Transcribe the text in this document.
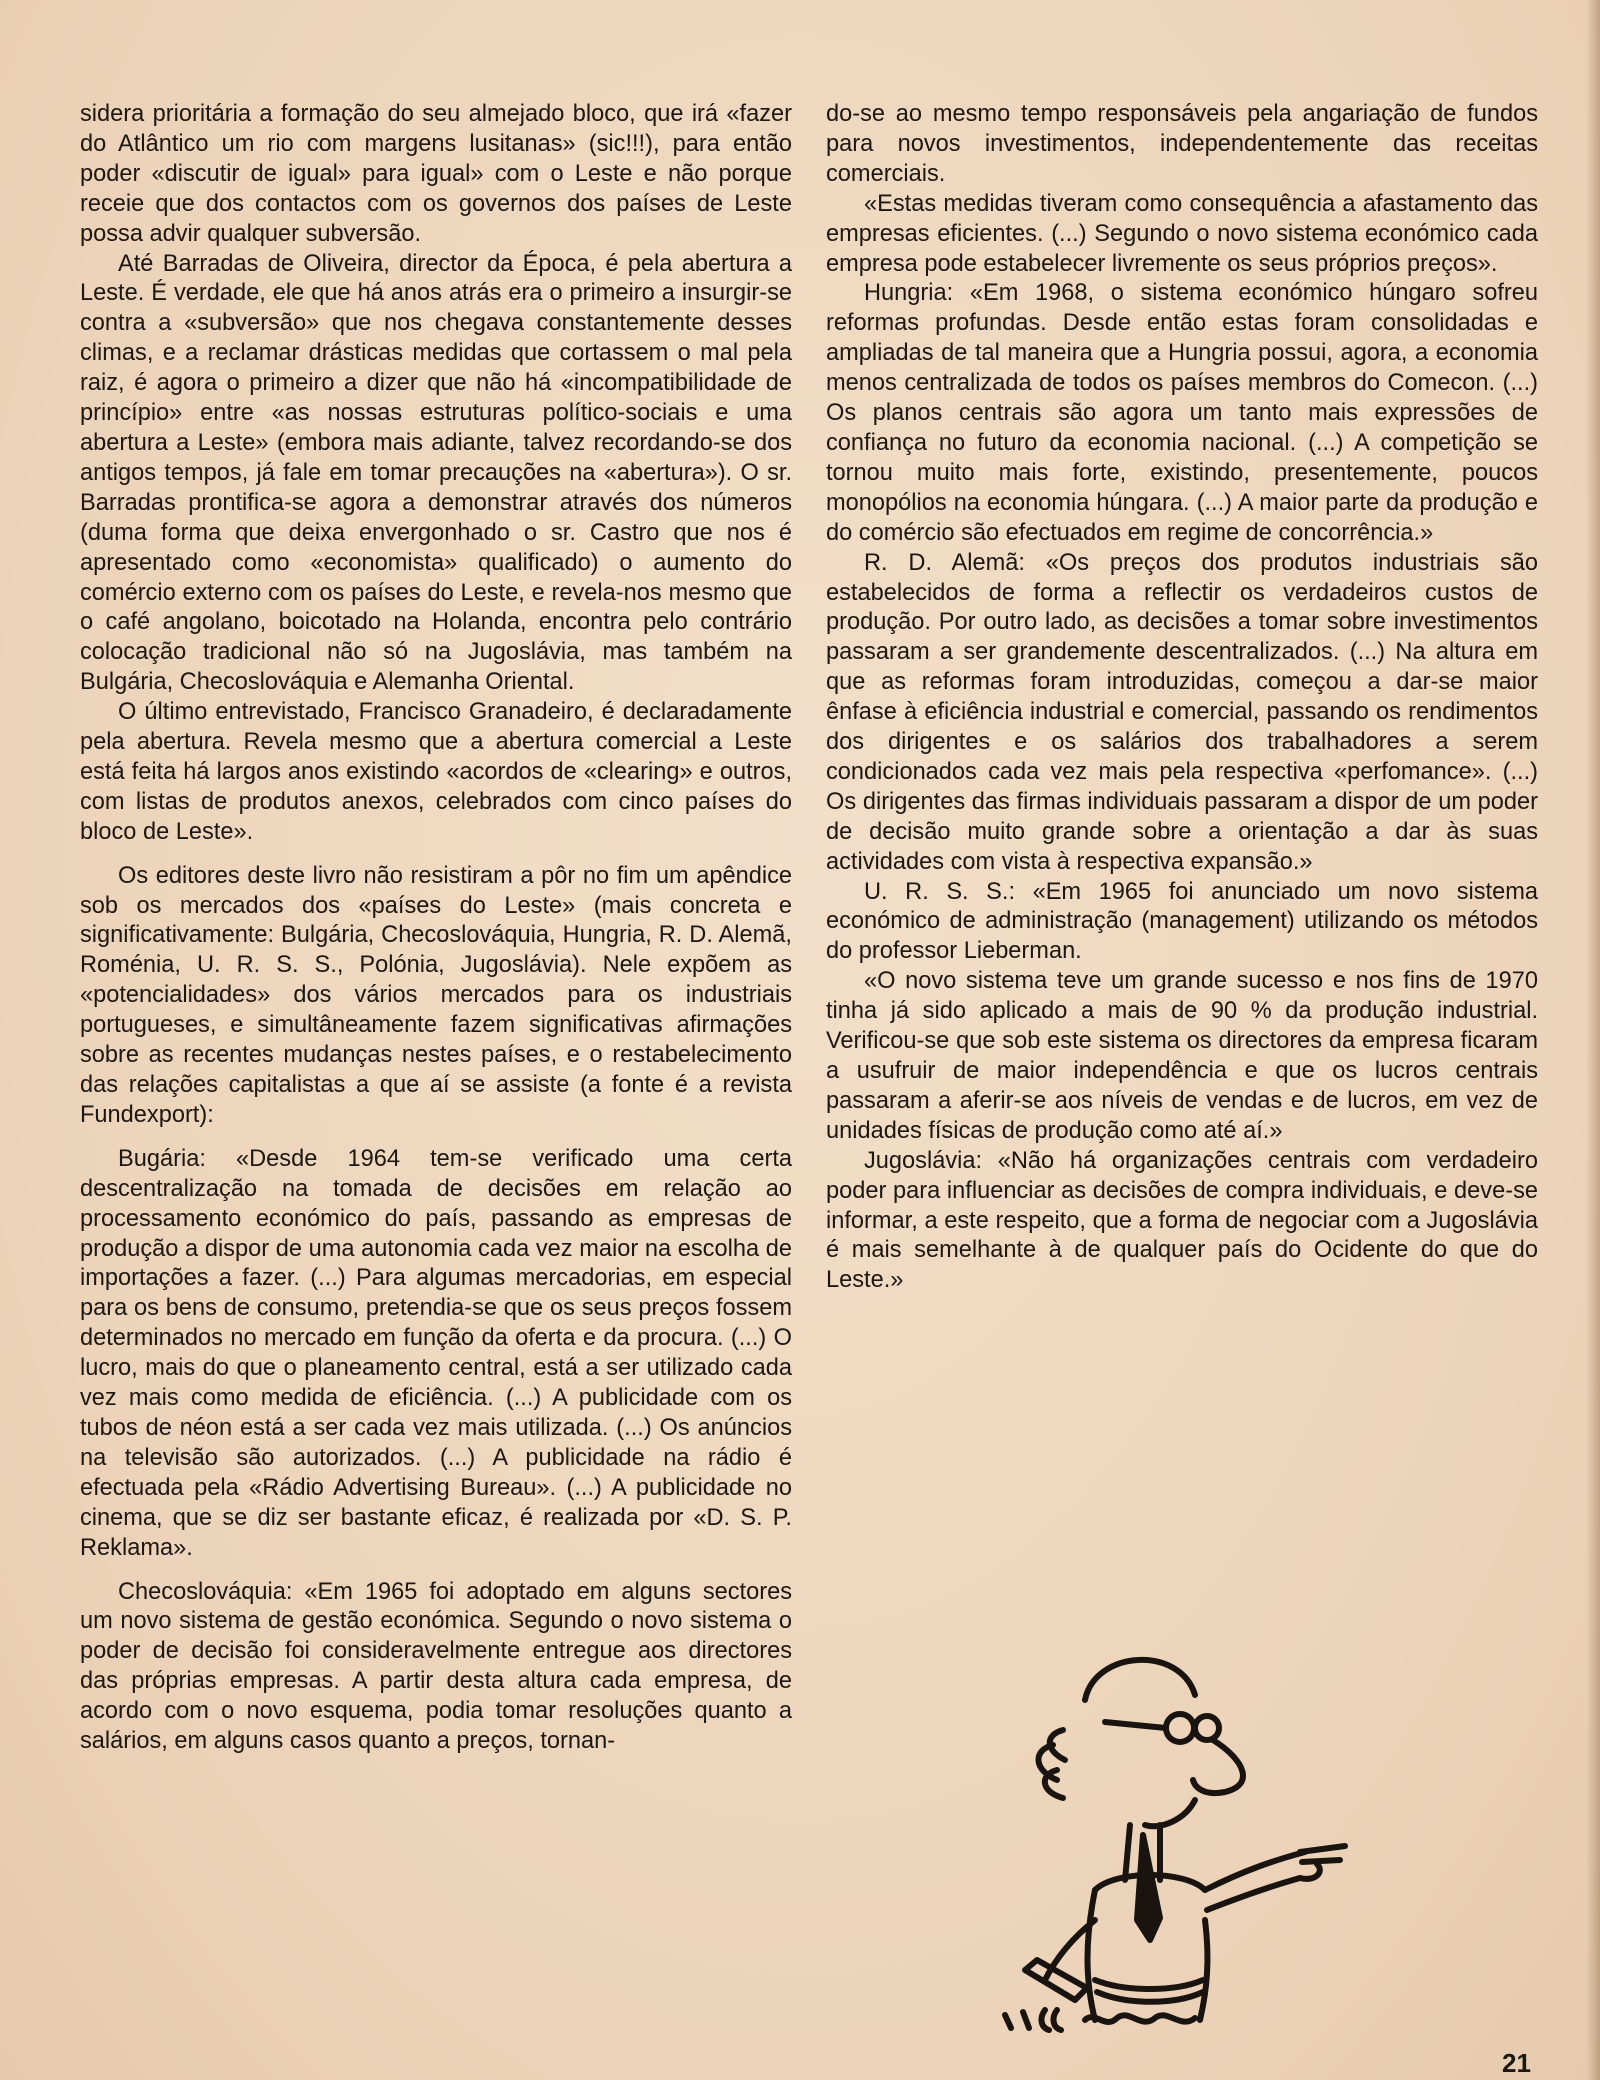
sidera prioritária a formação do seu almejado bloco, que irá «fazer do Atlântico um rio com margens lusitanas» (sic!!!), para então poder «discutir de igual» para igual» com o Leste e não porque receie que dos contactos com os governos dos países de Leste possa advir qualquer subversão.

Até Barradas de Oliveira, director da Época, é pela abertura a Leste. É verdade, ele que há anos atrás era o primeiro a insurgir-se contra a «subversão» que nos chegava constantemente desses climas, e a reclamar drásticas medidas que cortassem o mal pela raiz, é agora o primeiro a dizer que não há «incompatibilidade de princípio» entre «as nossas estruturas político-sociais e uma abertura a Leste» (embora mais adiante, talvez recordando-se dos antigos tempos, já fale em tomar precauções na «abertura»). O sr. Barradas prontifica-se agora a demonstrar através dos números (duma forma que deixa envergonhado o sr. Castro que nos é apresentado como «economista» qualificado) o aumento do comércio externo com os países do Leste, e revela-nos mesmo que o café angolano, boicotado na Holanda, encontra pelo contrário colocação tradicional não só na Jugoslávia, mas também na Bulgária, Checoslováquia e Alemanha Oriental.

O último entrevistado, Francisco Granadeiro, é declaradamente pela abertura. Revela mesmo que a abertura comercial a Leste está feita há largos anos existindo «acordos de «clearing» e outros, com listas de produtos anexos, celebrados com cinco países do bloco de Leste».

Os editores deste livro não resistiram a pôr no fim um apêndice sob os mercados dos «países do Leste» (mais concreta e significativamente: Bulgária, Checoslováquia, Hungria, R. D. Alemã, Roménia, U. R. S. S., Polónia, Jugoslávia). Nele expõem as «potencialidades» dos vários mercados para os industriais portugueses, e simultâneamente fazem significativas afirmações sobre as recentes mudanças nestes países, e o restabelecimento das relações capitalistas a que aí se assiste (a fonte é a revista Fundexport):

Bugária: «Desde 1964 tem-se verificado uma certa descentralização na tomada de decisões em relação ao processamento económico do país, passando as empresas de produção a dispor de uma autonomia cada vez maior na escolha de importações a fazer. (...) Para algumas mercadorias, em especial para os bens de consumo, pretendia-se que os seus preços fossem determinados no mercado em função da oferta e da procura. (...) O lucro, mais do que o planeamento central, está a ser utilizado cada vez mais como medida de eficiência. (...) A publicidade com os tubos de néon está a ser cada vez mais utilizada. (...) Os anúncios na televisão são autorizados. (...) A publicidade na rádio é efectuada pela «Rádio Advertising Bureau». (...) A publicidade no cinema, que se diz ser bastante eficaz, é realizada por «D. S. P. Reklama».

Checoslováquia: «Em 1965 foi adoptado em alguns sectores um novo sistema de gestão económica. Segundo o novo sistema o poder de decisão foi consideravelmente entregue aos directores das próprias empresas. A partir desta altura cada empresa, de acordo com o novo esquema, podia tomar resoluções quanto a salários, em alguns casos quanto a preços, tornan-

do-se ao mesmo tempo responsáveis pela angariação de fundos para novos investimentos, independentemente das receitas comerciais.

«Estas medidas tiveram como consequência a afastamento das empresas eficientes. (...) Segundo o novo sistema económico cada empresa pode estabelecer livremente os seus próprios preços».

Hungria: «Em 1968, o sistema económico húngaro sofreu reformas profundas. Desde então estas foram consolidadas e ampliadas de tal maneira que a Hungria possui, agora, a economia menos centralizada de todos os países membros do Comecon. (...) Os planos centrais são agora um tanto mais expressões de confiança no futuro da economia nacional. (...) A competição se tornou muito mais forte, existindo, presentemente, poucos monopólios na economia húngara. (...) A maior parte da produção e do comércio são efectuados em regime de concorrência.»

R. D. Alemã: «Os preços dos produtos industriais são estabelecidos de forma a reflectir os verdadeiros custos de produção. Por outro lado, as decisões a tomar sobre investimentos passaram a ser grandemente descentralizados. (...) Na altura em que as reformas foram introduzidas, começou a dar-se maior ênfase à eficiência industrial e comercial, passando os rendimentos dos dirigentes e os salários dos trabalhadores a serem condicionados cada vez mais pela respectiva «perfomance». (...) Os dirigentes das firmas individuais passaram a dispor de um poder de decisão muito grande sobre a orientação a dar às suas actividades com vista à respectiva expansão.»

U. R. S. S.: «Em 1965 foi anunciado um novo sistema económico de administração (management) utilizando os métodos do professor Lieberman.

«O novo sistema teve um grande sucesso e nos fins de 1970 tinha já sido aplicado a mais de 90 % da produção industrial. Verificou-se que sob este sistema os directores da empresa ficaram a usufruir de maior independência e que os lucros centrais passaram a aferir-se aos níveis de vendas e de lucros, em vez de unidades físicas de produção como até aí.»

Jugoslávia: «Não há organizações centrais com verdadeiro poder para influenciar as decisões de compra individuais, e deve-se informar, a este respeito, que a forma de negociar com a Jugoslávia é mais semelhante à de qualquer país do Ocidente do que do Leste.»

21
